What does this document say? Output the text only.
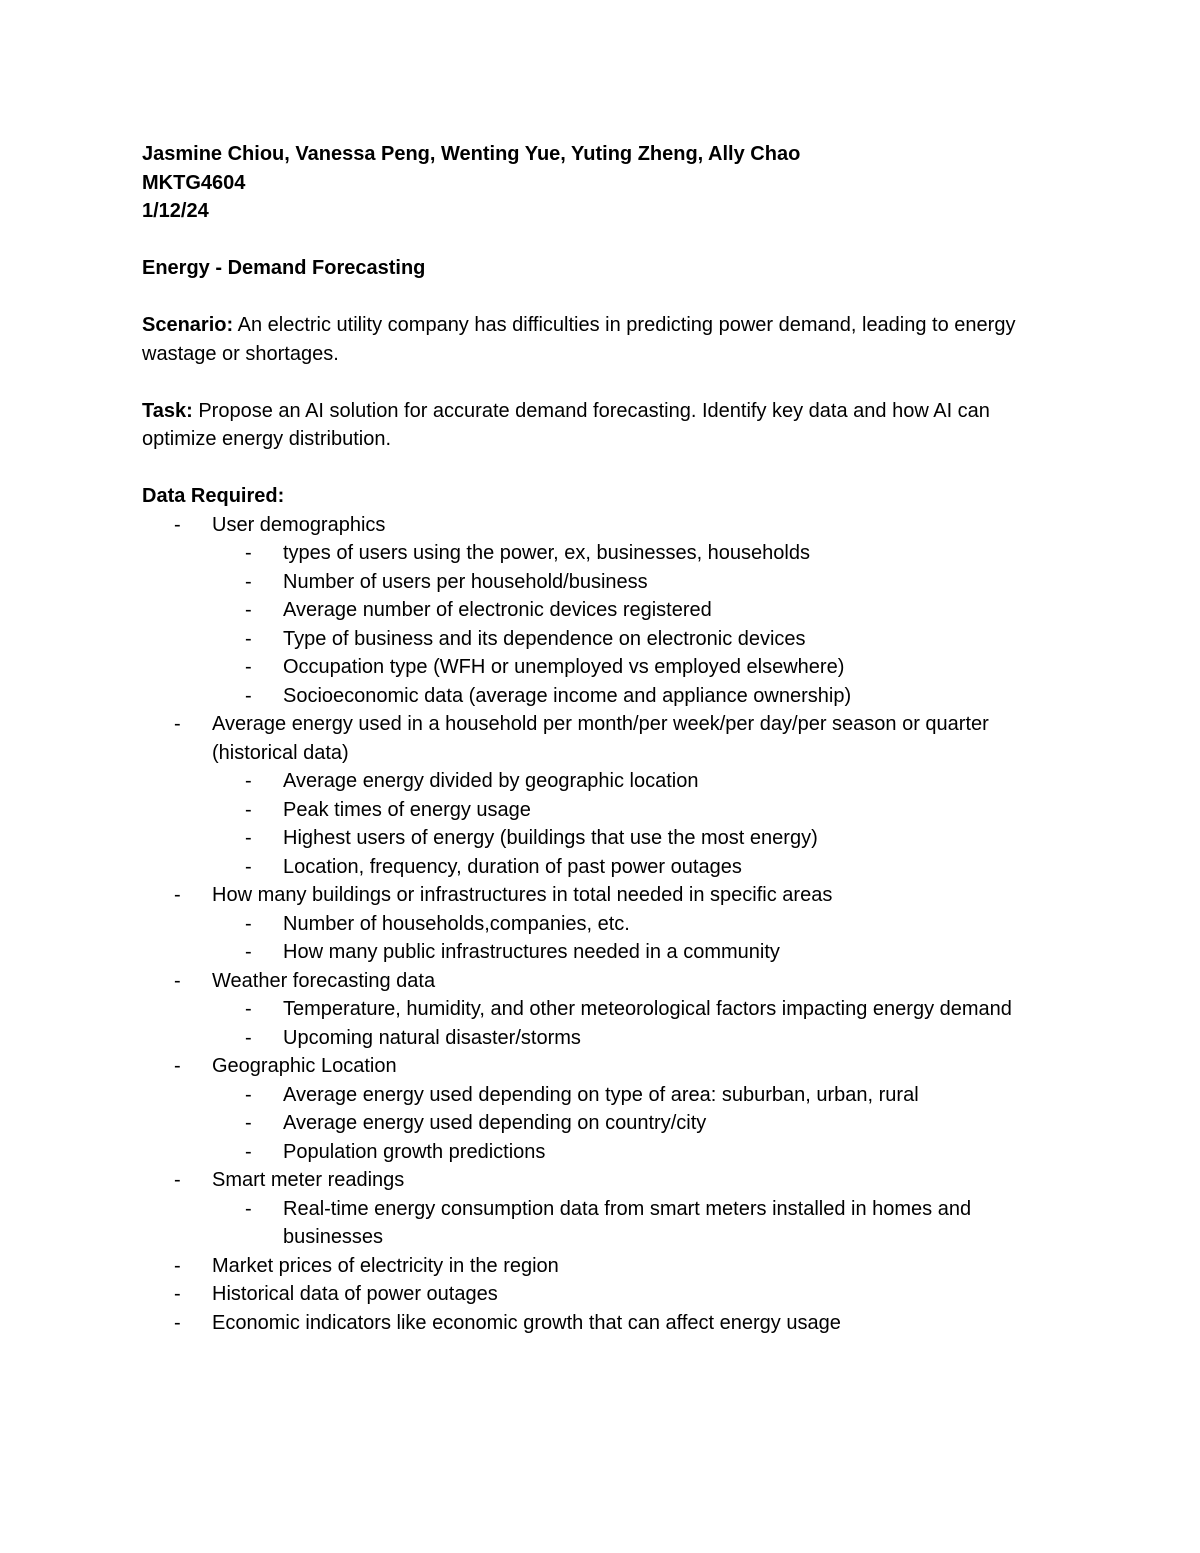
Jasmine Chiou, Vanessa Peng, Wenting Yue, Yuting Zheng, Ally Chao

MKTG4604

1/12/24

Energy - Demand Forecasting

Scenario: An electric utility company has difficulties in predicting power demand, leading to energy wastage or shortages.

Task: Propose an AI solution for accurate demand forecasting. Identify key data and how AI can optimize energy distribution.

Data Required:

- User demographics
- types of users using the power, ex, businesses, households
- Number of users per household/business
- Average number of electronic devices registered
- Type of business and its dependence on electronic devices
- Occupation type (WFH or unemployed vs employed elsewhere)
- Socioeconomic data (average income and appliance ownership)
- Average energy used in a household per month/per week/per day/per season or quarter (historical data)
- Average energy divided by geographic location
- Peak times of energy usage
- Highest users of energy (buildings that use the most energy)
- Location, frequency, duration of past power outages
- How many buildings or infrastructures in total needed in specific areas
- Number of households,companies, etc.
- How many public infrastructures needed in a community
- Weather forecasting data
- Temperature, humidity, and other meteorological factors impacting energy demand
- Upcoming natural disaster/storms
- Geographic Location
- Average energy used depending on type of area: suburban, urban, rural
- Average energy used depending on country/city
- Population growth predictions
- Smart meter readings
- Real-time energy consumption data from smart meters installed in homes and businesses
- Market prices of electricity in the region
- Historical data of power outages
- Economic indicators like economic growth that can affect energy usage
